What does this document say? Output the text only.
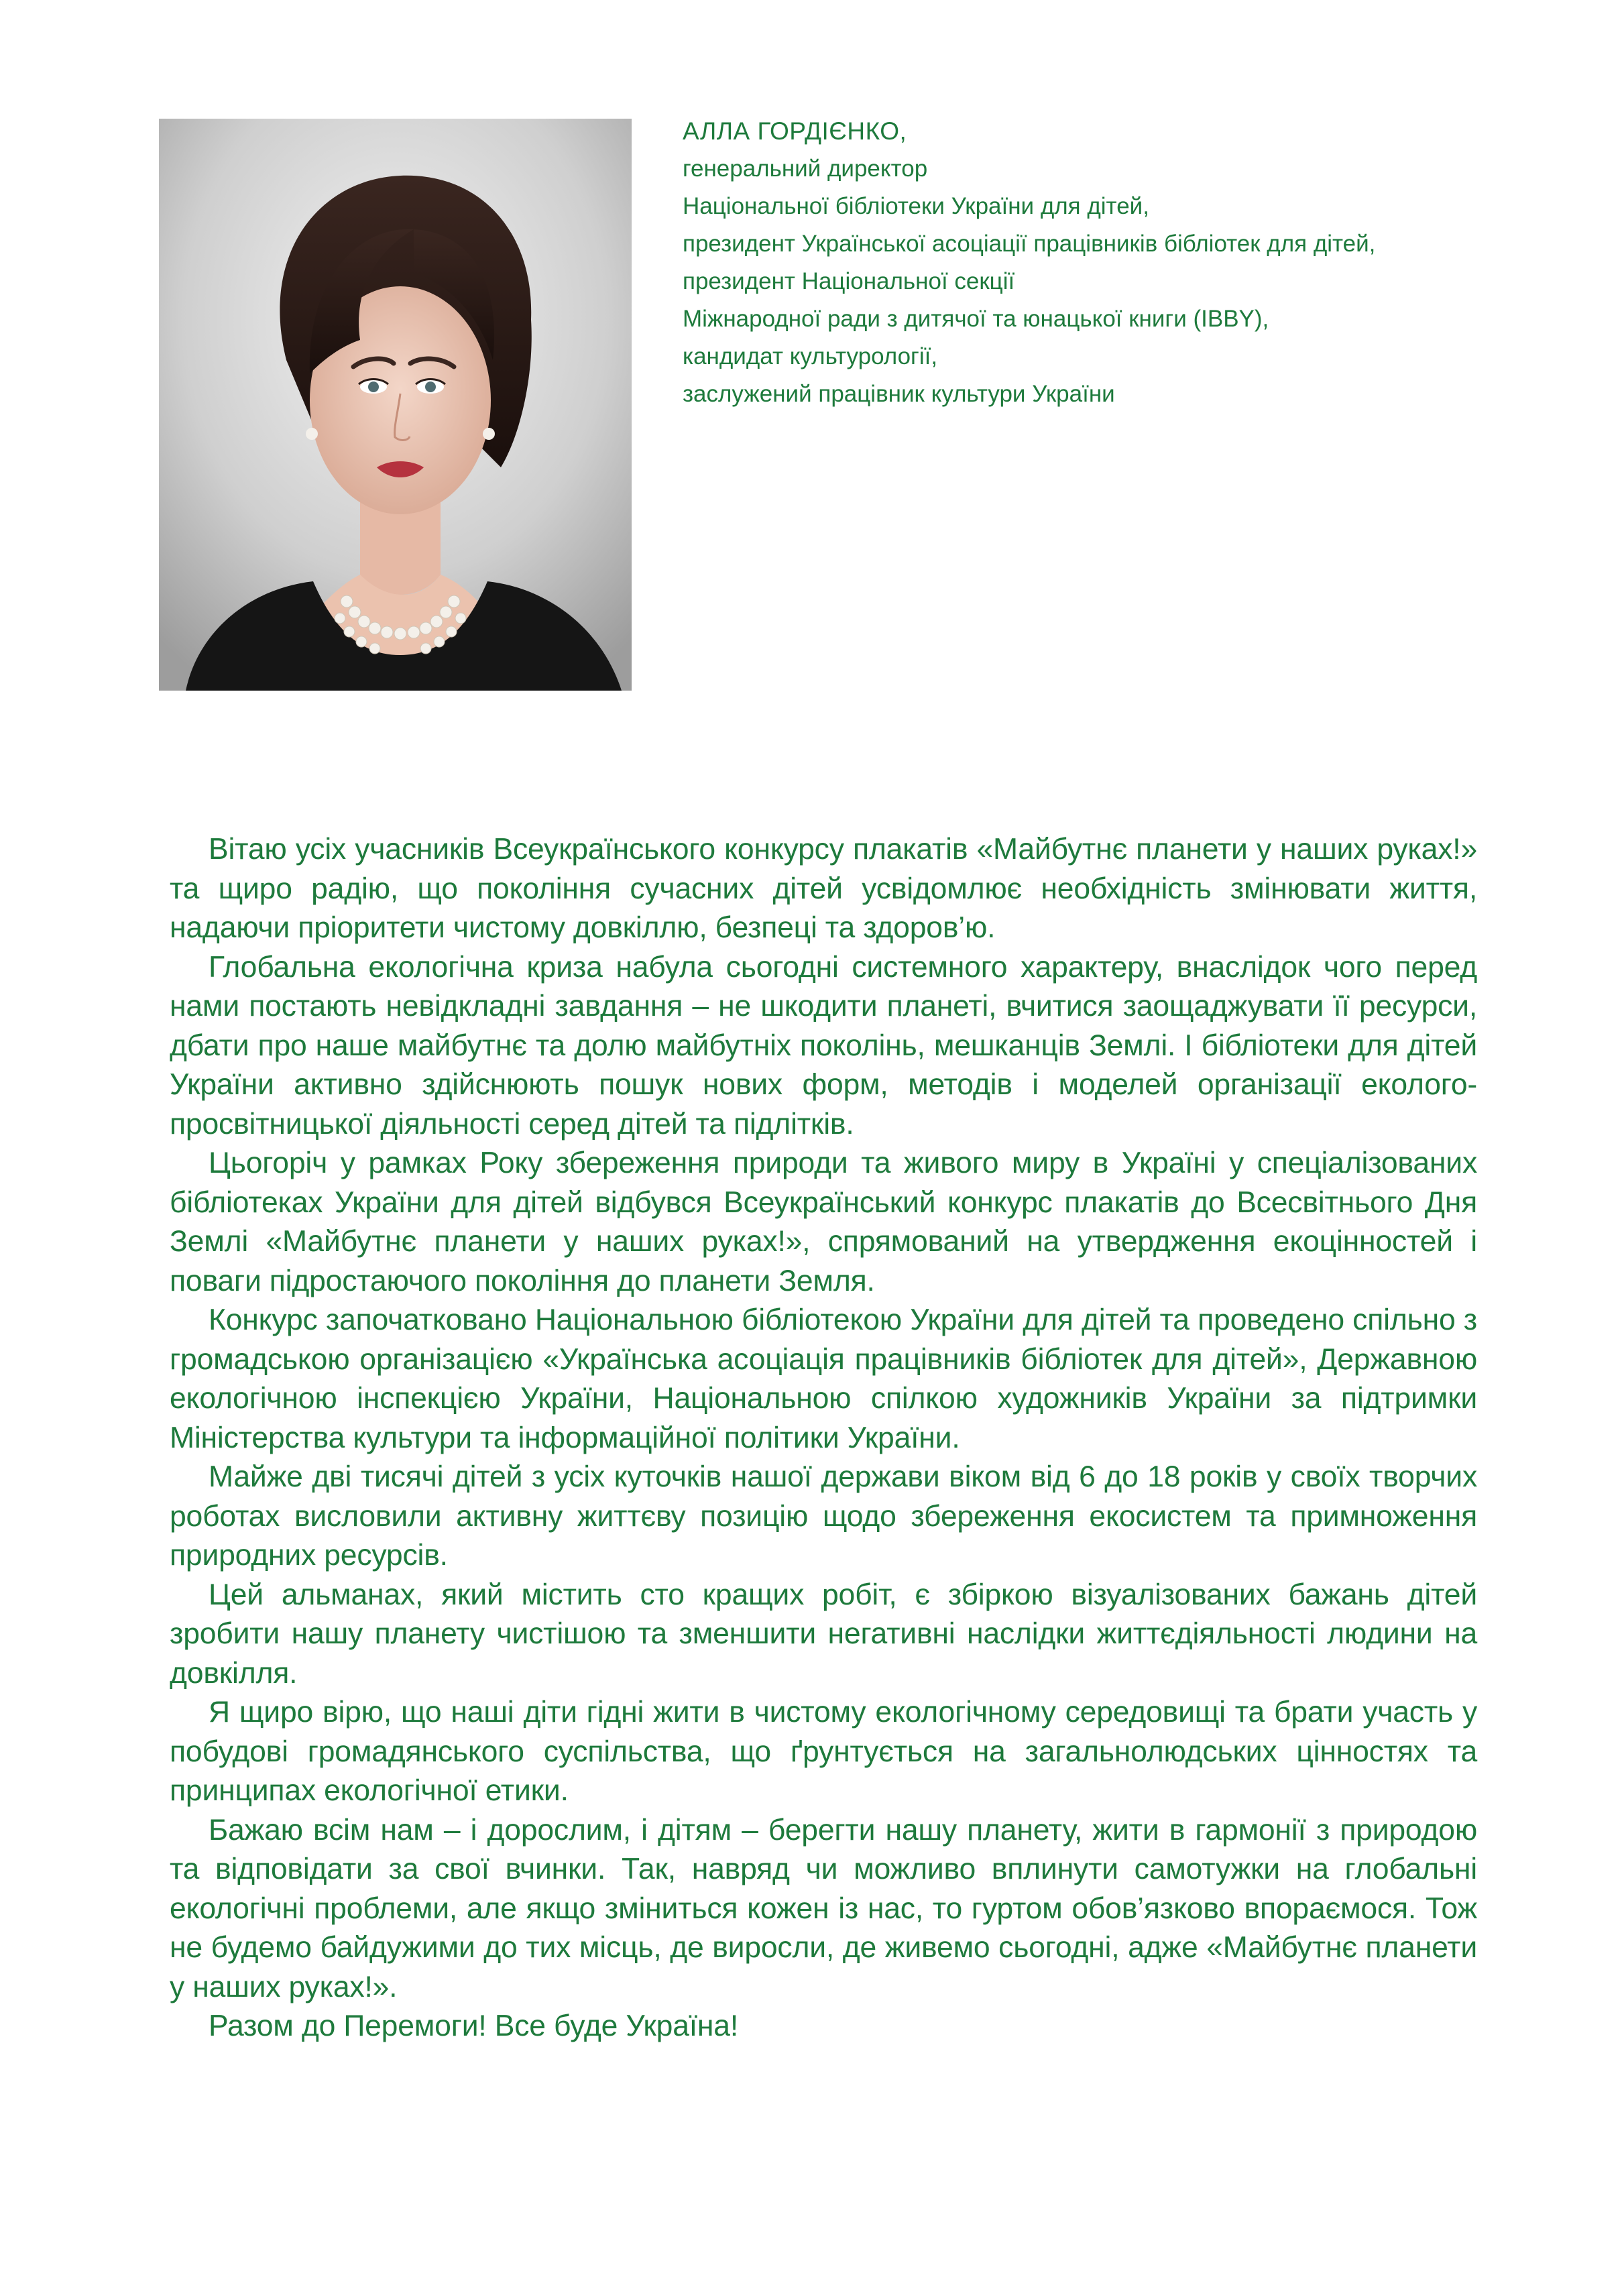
АЛЛА ГОРДІЄНКО,
генеральний директор
Національної бібліотеки України для дітей,
президент Української асоціації працівників бібліотек для дітей,
президент Національної секції
Міжнародної ради з дитячої та юнацької книги (IBBY),
кандидат культурології,
заслужений працівник культури України

Вітаю усіх учасників Всеукраїнського конкурсу плакатів «Майбутнє планети у наших руках!» та щиро радію, що покоління сучасних дітей усвідомлює необхідність змінювати життя, надаючи пріоритети чистому довкіллю, безпеці та здоров’ю.

Глобальна екологічна криза набула сьогодні системного характеру, внаслідок чого перед нами постають невідкладні завдання – не шкодити планеті, вчитися заощаджувати її ресурси, дбати про наше майбутнє та долю майбутніх поколінь, мешканців Землі. І бібліотеки для дітей України активно здійснюють пошук нових форм, методів і моделей організації еколого-просвітницької діяльності серед дітей та підлітків.

Цьогоріч у рамках Року збереження природи та живого миру в Україні у спеціалізованих бібліотеках України для дітей відбувся Всеукраїнський конкурс плакатів до Всесвітнього Дня Землі «Майбутнє планети у наших руках!», спрямований на утвердження екоцінностей і поваги підростаючого покоління до планети Земля.

Конкурс започатковано Національною бібліотекою України для дітей та проведено спільно з громадською організацією «Українська асоціація працівників бібліотек для дітей», Державною екологічною інспекцією України, Національною спілкою художників України за підтримки Міністерства культури та інформаційної політики України.

Майже дві тисячі дітей з усіх куточків нашої держави віком від 6 до 18 років у своїх творчих роботах висловили активну життєву позицію щодо збереження екосистем та примноження природних ресурсів.

Цей альманах, який містить сто кращих робіт, є збіркою візуалізованих бажань дітей зробити нашу планету чистішою та зменшити негативні наслідки життєдіяльності людини на довкілля.

Я щиро вірю, що наші діти гідні жити в чистому екологічному середовищі та брати участь у побудові громадянського суспільства, що ґрунтується на загальнолюдських цінностях та принципах екологічної етики.

Бажаю всім нам – і дорослим, і дітям – берегти нашу планету, жити в гармонії з природою та відповідати за свої вчинки. Так, навряд чи можливо вплинути самотужки на глобальні екологічні проблеми, але якщо зміниться кожен із нас, то гуртом обов’язково впораємося. Тож не будемо байдужими до тих місць, де виросли, де живемо сьогодні, адже «Майбутнє планети у наших руках!».

Разом до Перемоги! Все буде Україна!
